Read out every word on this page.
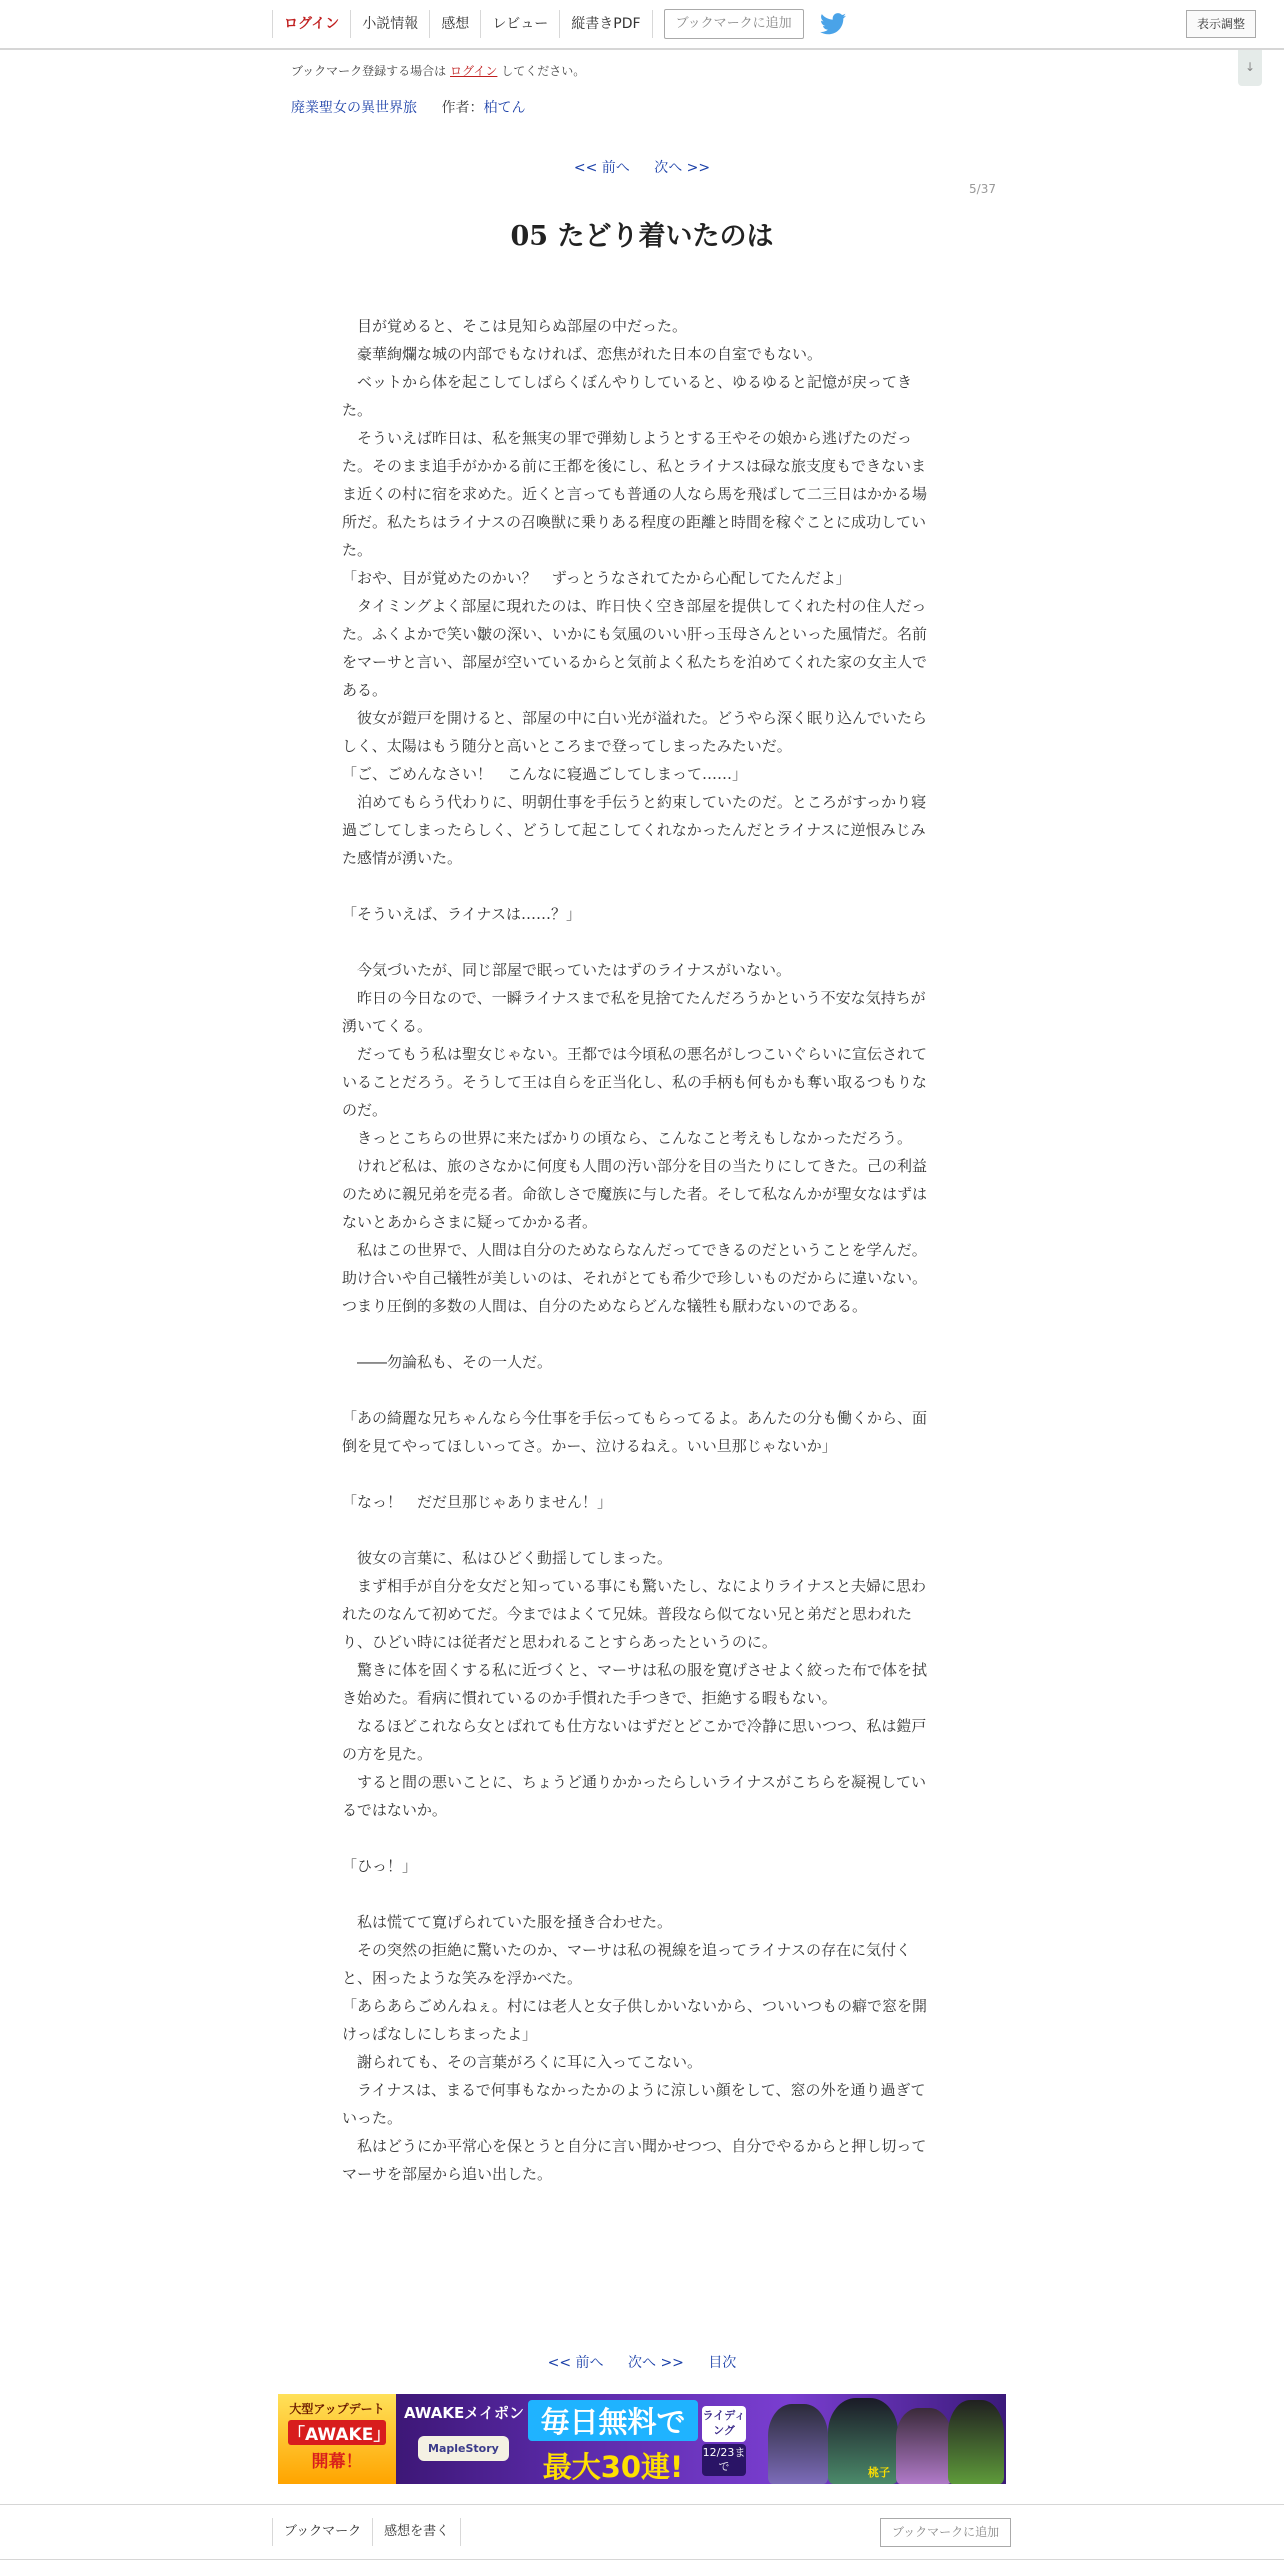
ログイン	小説情報	感想	レビュー	縦書きPDF	ブックマークに追加	表示調整
↓
ブックマーク登録する場合は ログイン してください。
廃業聖女の異世界旅 作者：柏てん
<< 前へ 次へ >>
5/37
05 たどり着いたのは

　目が覚めると、そこは見知らぬ部屋の中だった。

　豪華絢爛な城の内部でもなければ、恋焦がれた日本の自室でもない。

　ベットから体を起こしてしばらくぼんやりしていると、ゆるゆると記憶が戻ってきた。

　そういえば昨日は、私を無実の罪で弾劾しようとする王やその娘から逃げたのだった。そのまま追手がかかる前に王都を後にし、私とライナスは碌な旅支度もできないまま近くの村に宿を求めた。近くと言っても普通の人なら馬を飛ばして二三日はかかる場所だ。私たちはライナスの召喚獣に乗りある程度の距離と時間を稼ぐことに成功していた。

「おや、目が覚めたのかい？　ずっとうなされてたから心配してたんだよ」

　タイミングよく部屋に現れたのは、昨日快く空き部屋を提供してくれた村の住人だった。ふくよかで笑い皺の深い、いかにも気風のいい肝っ玉母さんといった風情だ。名前をマーサと言い、部屋が空いているからと気前よく私たちを泊めてくれた家の女主人である。

　彼女が鎧戸を開けると、部屋の中に白い光が溢れた。どうやら深く眠り込んでいたらしく、太陽はもう随分と高いところまで登ってしまったみたいだ。

「ご、ごめんなさい！　こんなに寝過ごしてしまって……」

　泊めてもらう代わりに、明朝仕事を手伝うと約束していたのだ。ところがすっかり寝過ごしてしまったらしく、どうして起こしてくれなかったんだとライナスに逆恨みじみた感情が湧いた。

「そういえば、ライナスは……？」

　今気づいたが、同じ部屋で眠っていたはずのライナスがいない。

　昨日の今日なので、一瞬ライナスまで私を見捨てたんだろうかという不安な気持ちが湧いてくる。

　だってもう私は聖女じゃない。王都では今頃私の悪名がしつこいぐらいに宣伝されていることだろう。そうして王は自らを正当化し、私の手柄も何もかも奪い取るつもりなのだ。

　きっとこちらの世界に来たばかりの頃なら、こんなこと考えもしなかっただろう。

　けれど私は、旅のさなかに何度も人間の汚い部分を目の当たりにしてきた。己の利益のために親兄弟を売る者。命欲しさで魔族に与した者。そして私なんかが聖女なはずはないとあからさまに疑ってかかる者。

　私はこの世界で、人間は自分のためならなんだってできるのだということを学んだ。助け合いや自己犠牲が美しいのは、それがとても希少で珍しいものだからに違いない。つまり圧倒的多数の人間は、自分のためならどんな犠牲も厭わないのである。

　――勿論私も、その一人だ。

「あの綺麗な兄ちゃんなら今仕事を手伝ってもらってるよ。あんたの分も働くから、面倒を見てやってほしいってさ。かー、泣けるねえ。いい旦那じゃないか」

「なっ！　だだ旦那じゃありません！」

　彼女の言葉に、私はひどく動揺してしまった。

　まず相手が自分を女だと知っている事にも驚いたし、なによりライナスと夫婦に思われたのなんて初めてだ。今まではよくて兄妹。普段なら似てない兄と弟だと思われたり、ひどい時には従者だと思われることすらあったというのに。

　驚きに体を固くする私に近づくと、マーサは私の服を寛げさせよく絞った布で体を拭き始めた。看病に慣れているのか手慣れた手つきで、拒絶する暇もない。

　なるほどこれなら女とばれても仕方ないはずだとどこかで冷静に思いつつ、私は鎧戸の方を見た。

　すると間の悪いことに、ちょうど通りかかったらしいライナスがこちらを凝視しているではないか。

「ひっ！」

　私は慌てて寛げられていた服を掻き合わせた。

　その突然の拒絶に驚いたのか、マーサは私の視線を追ってライナスの存在に気付くと、困ったような笑みを浮かべた。

「あらあらごめんねぇ。村には老人と女子供しかいないから、ついいつもの癖で窓を開けっぱなしにしちまったよ」

　謝られても、その言葉がろくに耳に入ってこない。

　ライナスは、まるで何事もなかったかのように涼しい顔をして、窓の外を通り過ぎていった。

　私はどうにか平常心を保とうと自分に言い聞かせつつ、自分でやるからと押し切ってマーサを部屋から追い出した。

<< 前へ 次へ >> 目次
大型アップデート
「AWAKE」
開幕！
AWAKEメイポン
MapleStory
毎日無料で
最大30連!
ライディング
12/23まで	桃子
ブックマーク	感想を書く	ブックマークに追加
